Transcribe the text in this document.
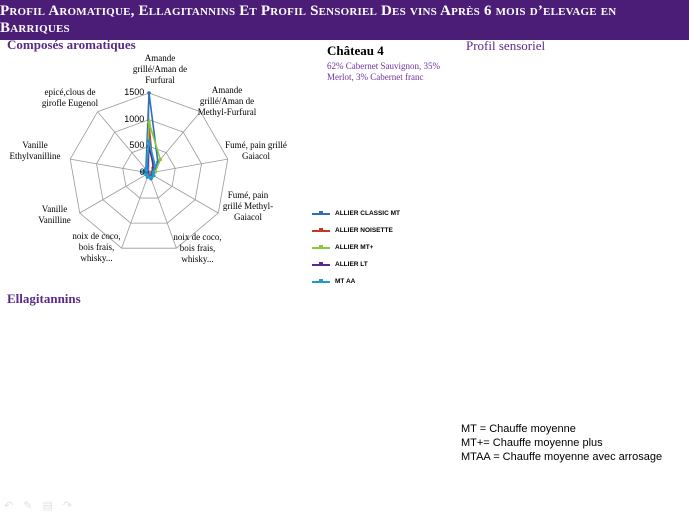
Profil Aromatique, Ellagitannins Et Profil Sensoriel Des vins Après 6 mois d’elevage en Barriques
Composés aromatiques	Profil sensoriel
Ellagitannins
Château 4
62% Cabernet Sauvignon, 35% Merlot, 3% Cabernet franc
Amande grillé/Aman de Furfural
Amande grillé/Aman de Methyl-Furfural
Fumé, pain grillé Gaiacol
Fumé, pain grillé Methyl-Gaiacol
noix de coco, bois frais, whisky...
noix de coco, bois frais, whisky...
Vanille Vanilline
Vanille Ethylvanilline
epicé,clous de girofle Eugenol
0
500
1000
1500
ALLIER CLASSIC MT
ALLIER NOISETTE
ALLIER MT+
ALLIER LT
MT AA
MT = Chauffe moyenne
MT+= Chauffe moyenne plus
MTAA = Chauffe moyenne avec arrosage
↶ ✎ ▤ ↷
